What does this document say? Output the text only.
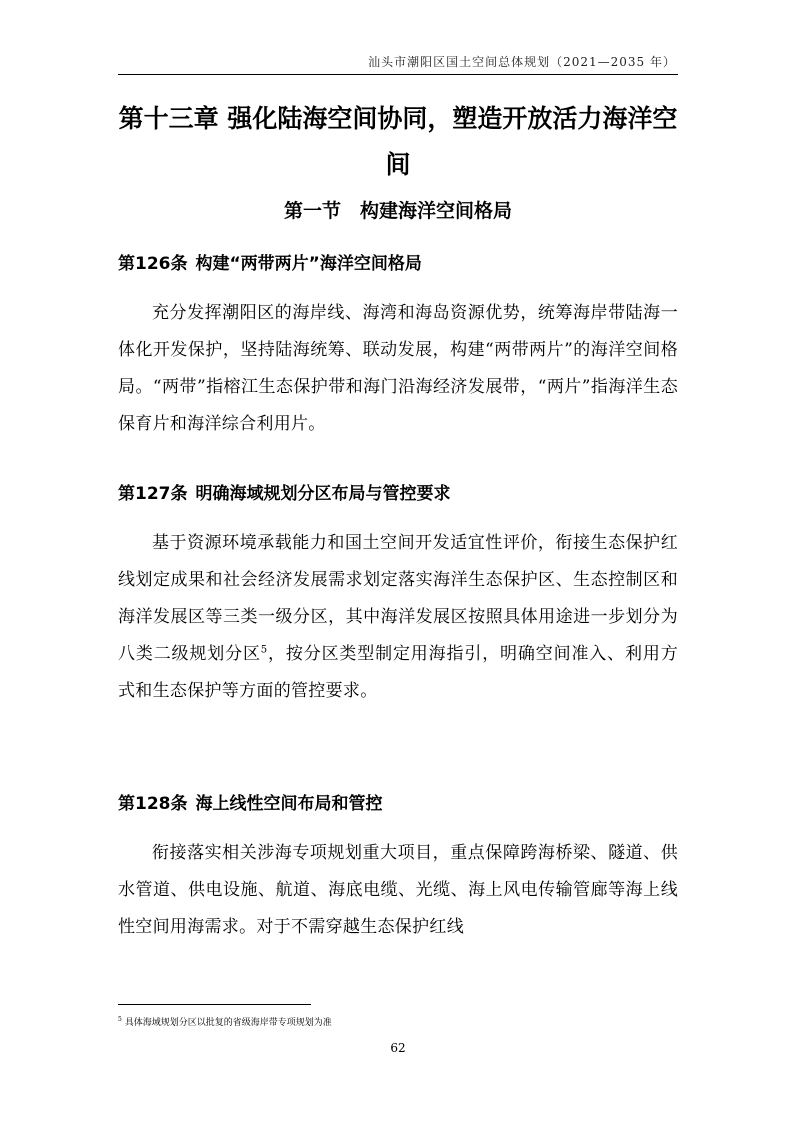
汕头市潮阳区国土空间总体规划（2021—2035 年）
第十三章 强化陆海空间协同，塑造开放活力海洋空间
第一节　构建海洋空间格局
第126条 构建“两带两片”海洋空间格局

充分发挥潮阳区的海岸线、海湾和海岛资源优势，统筹海岸带陆海一体化开发保护，坚持陆海统筹、联动发展，构建“两带两片”的海洋空间格局。“两带”指榕江生态保护带和海门沿海经济发展带，“两片”指海洋生态保育片和海洋综合利用片。

第127条 明确海域规划分区布局与管控要求

基于资源环境承载能力和国土空间开发适宜性评价，衔接生态保护红线划定成果和社会经济发展需求划定落实海洋生态保护区、生态控制区和海洋发展区等三类一级分区，其中海洋发展区按照具体用途进一步划分为八类二级规划分区$^5$，按分区类型制定用海指引，明确空间准入、利用方式和生态保护等方面的管控要求。

第128条 海上线性空间布局和管控

衔接落实相关涉海专项规划重大项目，重点保障跨海桥梁、隧道、供水管道、供电设施、航道、海底电缆、光缆、海上风电传输管廊等海上线性空间用海需求。对于不需穿越生态保护红线

$^5$ 具体海域规划分区以批复的省级海岸带专项规划为准
62
